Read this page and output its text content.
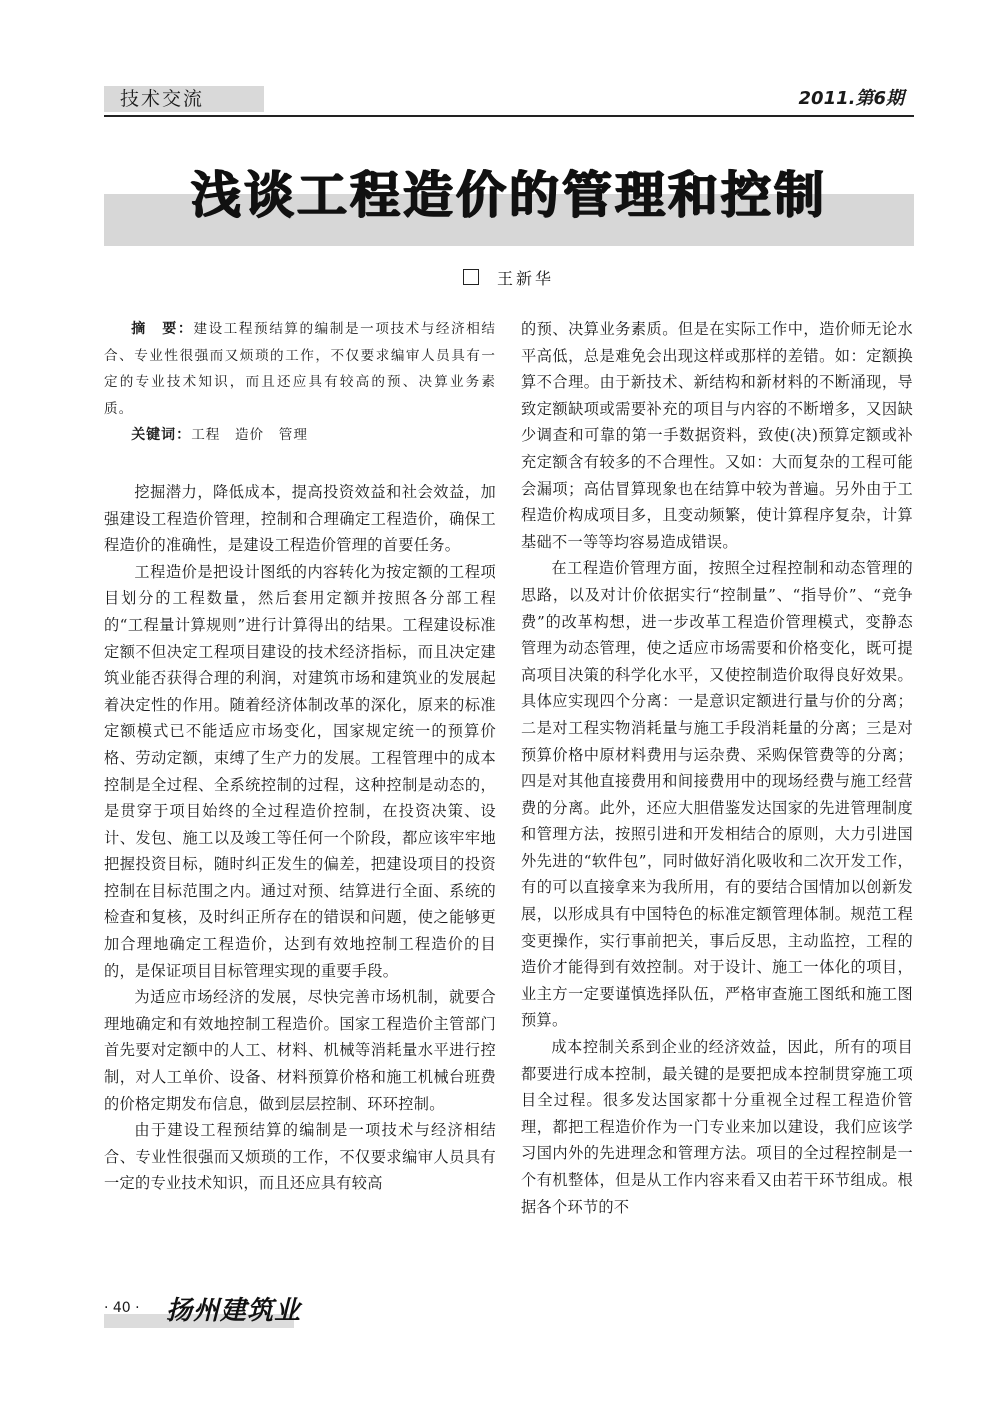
技术交流	2011.第6期
浅谈工程造价的管理和控制
王新华

摘　要：建设工程预结算的编制是一项技术与经济相结合、专业性很强而又烦琐的工作，不仅要求编审人员具有一定的专业技术知识，而且还应具有较高的预、决算业务素质。

关键词：工程　造价　管理

挖掘潜力，降低成本，提高投资效益和社会效益，加强建设工程造价管理，控制和合理确定工程造价，确保工程造价的准确性，是建设工程造价管理的首要任务。

工程造价是把设计图纸的内容转化为按定额的工程项目划分的工程数量，然后套用定额并按照各分部工程的“工程量计算规则”进行计算得出的结果。工程建设标准定额不但决定工程项目建设的技术经济指标，而且决定建筑业能否获得合理的利润，对建筑市场和建筑业的发展起着决定性的作用。随着经济体制改革的深化，原来的标准定额模式已不能适应市场变化，国家规定统一的预算价格、劳动定额，束缚了生产力的发展。工程管理中的成本控制是全过程、全系统控制的过程，这种控制是动态的，是贯穿于项目始终的全过程造价控制，在投资决策、设计、发包、施工以及竣工等任何一个阶段，都应该牢牢地把握投资目标，随时纠正发生的偏差，把建设项目的投资控制在目标范围之内。通过对预、结算进行全面、系统的检查和复核，及时纠正所存在的错误和问题，使之能够更加合理地确定工程造价，达到有效地控制工程造价的目的，是保证项目目标管理实现的重要手段。

为适应市场经济的发展，尽快完善市场机制，就要合理地确定和有效地控制工程造价。国家工程造价主管部门首先要对定额中的人工、材料、机械等消耗量水平进行控制，对人工单价、设备、材料预算价格和施工机械台班费的价格定期发布信息，做到层层控制、环环控制。

由于建设工程预结算的编制是一项技术与经济相结合、专业性很强而又烦琐的工作，不仅要求编审人员具有一定的专业技术知识，而且还应具有较高

的预、决算业务素质。但是在实际工作中，造价师无论水平高低，总是难免会出现这样或那样的差错。如：定额换算不合理。由于新技术、新结构和新材料的不断涌现，导致定额缺项或需要补充的项目与内容的不断增多，又因缺少调查和可靠的第一手数据资料，致使(决)预算定额或补充定额含有较多的不合理性。又如：大而复杂的工程可能会漏项；高估冒算现象也在结算中较为普遍。另外由于工程造价构成项目多，且变动频繁，使计算程序复杂，计算基础不一等等均容易造成错误。

在工程造价管理方面，按照全过程控制和动态管理的思路，以及对计价依据实行“控制量”、“指导价”、“竞争费”的改革构想，进一步改革工程造价管理模式，变静态管理为动态管理，使之适应市场需要和价格变化，既可提高项目决策的科学化水平，又使控制造价取得良好效果。具体应实现四个分离：一是意识定额进行量与价的分离；二是对工程实物消耗量与施工手段消耗量的分离；三是对预算价格中原材料费用与运杂费、采购保管费等的分离；四是对其他直接费用和间接费用中的现场经费与施工经营费的分离。此外，还应大胆借鉴发达国家的先进管理制度和管理方法，按照引进和开发相结合的原则，大力引进国外先进的“软件包”，同时做好消化吸收和二次开发工作，有的可以直接拿来为我所用，有的要结合国情加以创新发展，以形成具有中国特色的标准定额管理体制。规范工程变更操作，实行事前把关，事后反思，主动监控，工程的造价才能得到有效控制。对于设计、施工一体化的项目，业主方一定要谨慎选择队伍，严格审查施工图纸和施工图预算。

成本控制关系到企业的经济效益，因此，所有的项目都要进行成本控制，最关键的是要把成本控制贯穿施工项目全过程。很多发达国家都十分重视全过程工程造价管理，都把工程造价作为一门专业来加以建设，我们应该学习国内外的先进理念和管理方法。项目的全过程控制是一个有机整体，但是从工作内容来看又由若干环节组成。根据各个环节的不

· 40 · 扬州建筑业
